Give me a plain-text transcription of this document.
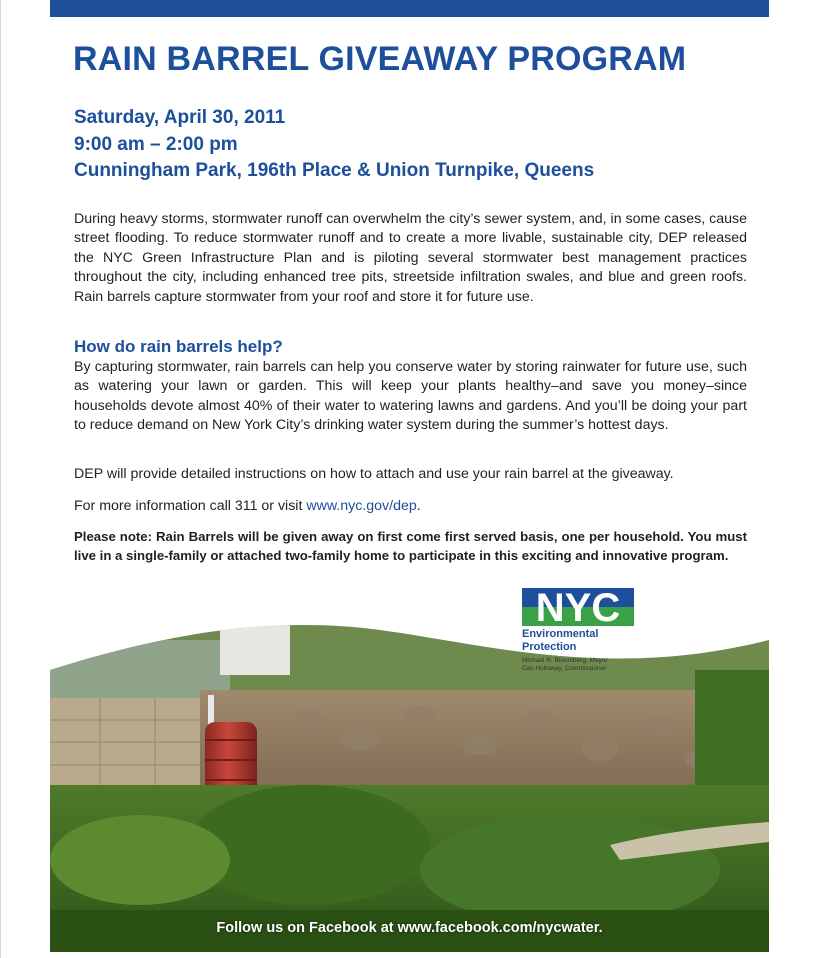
RAIN BARREL GIVEAWAY PROGRAM
Saturday, April 30, 2011
9:00 am – 2:00 pm
Cunningham Park, 196th Place & Union Turnpike, Queens

During heavy storms, stormwater runoff can overwhelm the city’s sewer system, and, in some cases, cause street flooding. To reduce stormwater runoff and to create a more livable, sustainable city, DEP released the NYC Green Infrastructure Plan and is piloting several stormwater best management practices throughout the city, including enhanced tree pits, streetside infiltration swales, and blue and green roofs. Rain barrels capture stormwater from your roof and store it for future use.

How do rain barrels help?

By capturing stormwater, rain barrels can help you conserve water by storing rainwater for future use, such as watering your lawn or garden. This will keep your plants healthy–and save you money–since households devote almost 40% of their water to watering lawns and gardens. And you’ll be doing your part to reduce demand on New York City’s drinking water system during the summer’s hottest days.

DEP will provide detailed instructions on how to attach and use your rain barrel at the giveaway.

For more information call 311 or visit www.nyc.gov/dep.

Please note: Rain Barrels will be given away on first come first served basis, one per household. You must live in a single-family or attached two-family home to participate in this exciting and innovative program.

NYC
Environmental
Protection
Michael R. Bloomberg, Mayor
Cas Holloway, Commissioner
Follow us on Facebook at www.facebook.com/nycwater.
